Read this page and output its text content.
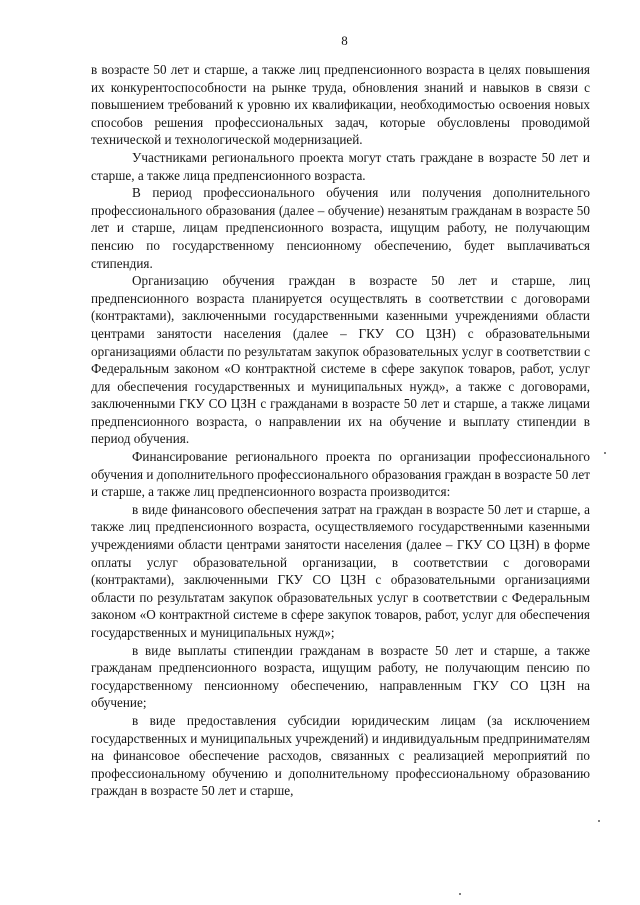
8

в возрасте 50 лет и старше, а также лиц предпенсионного возраста в целях повышения их конкурентоспособности на рынке труда, обновления знаний и навыков в связи с повышением требований к уровню их квалификации, необходимостью освоения новых способов решения профессиональных задач, которые обусловлены проводимой технической и технологической модернизацией.

Участниками регионального проекта могут стать граждане в возрасте 50 лет и старше, а также лица предпенсионного возраста.

В период профессионального обучения или получения дополнительного профессионального образования (далее – обучение) незанятым гражданам в возрасте 50 лет и старше, лицам предпенсионного возраста, ищущим работу, не получающим пенсию по государственному пенсионному обеспечению, будет выплачиваться стипендия.

Организацию обучения граждан в возрасте 50 лет и старше, лиц предпенсионного возраста планируется осуществлять в соответствии с договорами (контрактами), заключенными государственными казенными учреждениями области центрами занятости населения (далее – ГКУ СО ЦЗН) с образовательными организациями области по результатам закупок образовательных услуг в соответствии с Федеральным законом «О контрактной системе в сфере закупок товаров, работ, услуг для обеспечения государственных и муниципальных нужд», а также с договорами, заключенными ГКУ СО ЦЗН с гражданами в возрасте 50 лет и старше, а также лицами предпенсионного возраста, о направлении их на обучение и выплату стипендии в период обучения.

Финансирование регионального проекта по организации профессионального обучения и дополнительного профессионального образования граждан в возрасте 50 лет и старше, а также лиц предпенсионного возраста производится:

в виде финансового обеспечения затрат на граждан в возрасте 50 лет и старше, а также лиц предпенсионного возраста, осуществляемого государственными казенными учреждениями области центрами занятости населения (далее – ГКУ СО ЦЗН) в форме оплаты услуг образовательной организации, в соответствии с договорами (контрактами), заключенными ГКУ СО ЦЗН с образовательными организациями области по результатам закупок образовательных услуг в соответствии с Федеральным законом «О контрактной системе в сфере закупок товаров, работ, услуг для обеспечения государственных и муниципальных нужд»;

в виде выплаты стипендии гражданам в возрасте 50 лет и старше, а также гражданам предпенсионного возраста, ищущим работу, не получающим пенсию по государственному пенсионному обеспечению, направленным ГКУ СО ЦЗН на обучение;

в виде предоставления субсидии юридическим лицам (за исключением государственных и муниципальных учреждений) и индивидуальным предпринимателям на финансовое обеспечение расходов, связанных с реализацией мероприятий по профессиональному обучению и дополнительному профессиональному образованию граждан в возрасте 50 лет и старше,
